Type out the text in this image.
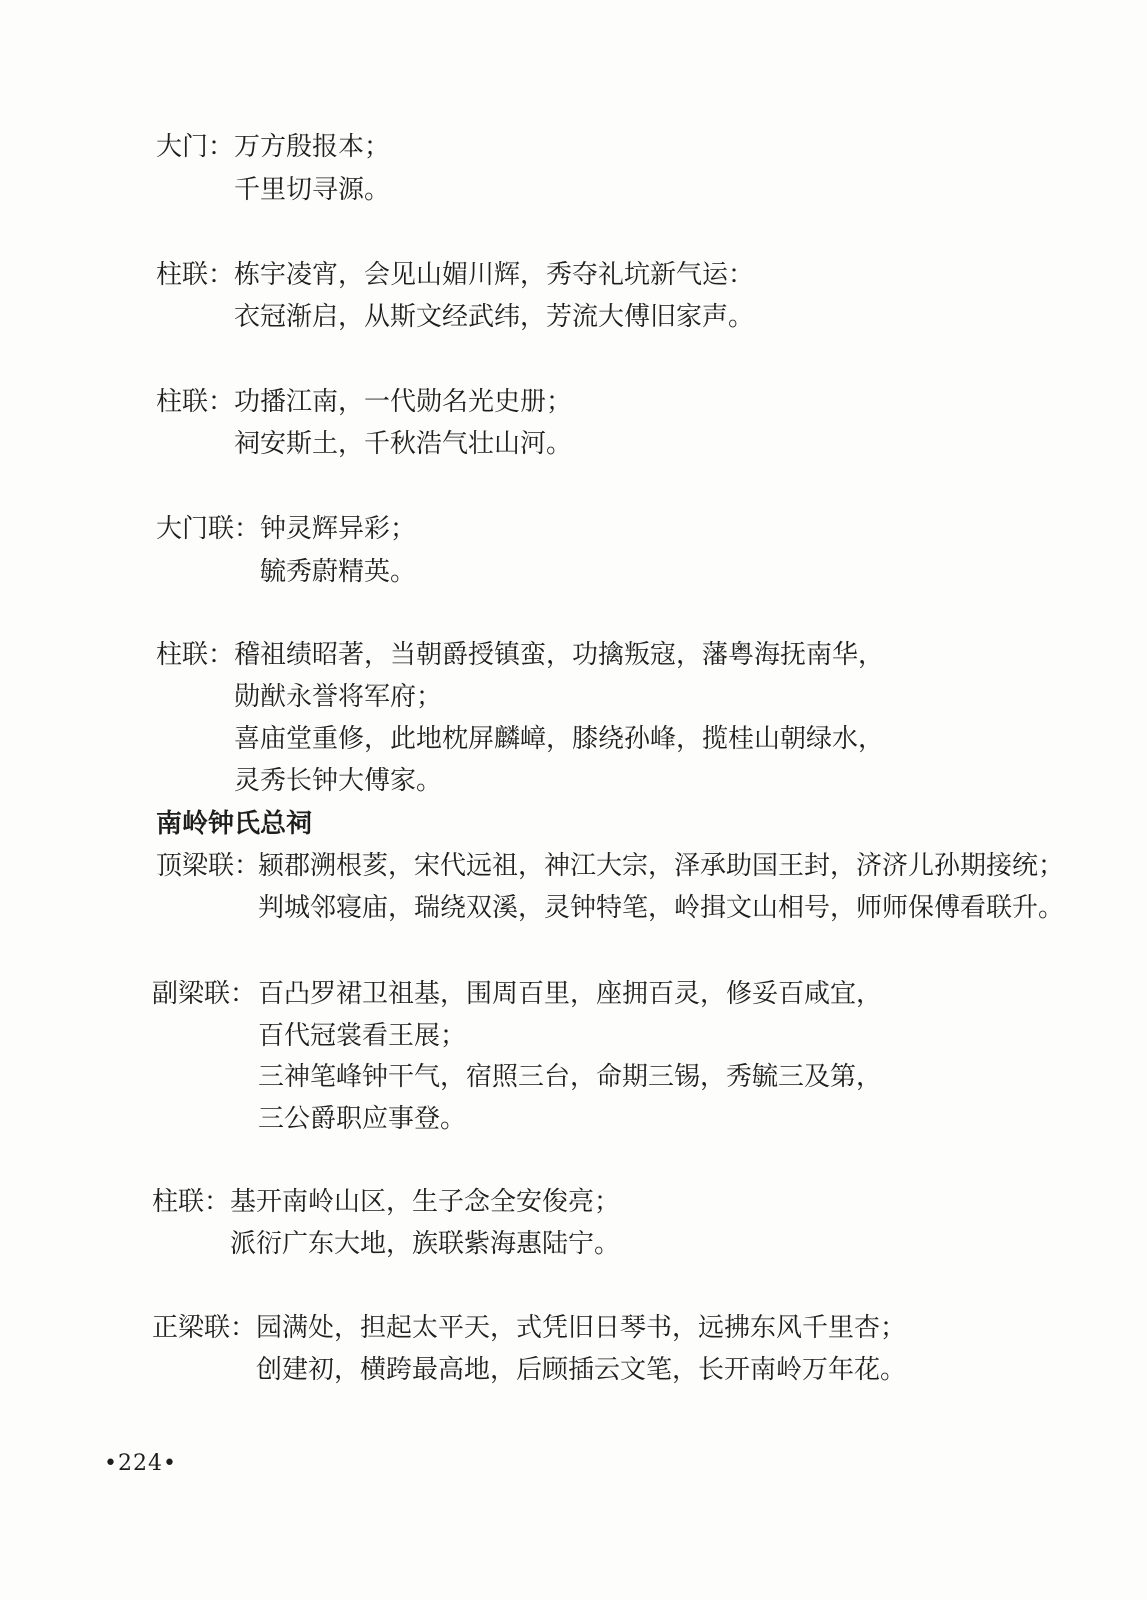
大门： 万方殷报本；
千里切寻源。
柱联： 栋宇凌宵，会见山媚川辉，秀夺礼坑新气运：
衣冠渐启，从斯文经武纬，芳流大傅旧家声。
柱联： 功播江南，一代勋名光史册；
祠安斯土，千秋浩气壮山河。
大门联： 钟灵辉异彩；
毓秀蔚精英。
柱联： 稽祖绩昭著，当朝爵授镇蛮，功擒叛寇，藩粤海抚南华，
勋猷永誉将军府；
喜庙堂重修，此地枕屏麟嶂，膝绕孙峰，揽桂山朝绿水，
灵秀长钟大傅家。
南岭钟氏总祠
顶梁联：
颍郡溯根荄，宋代远祖，神江大宗，泽承助国王封，济济儿孙期接统；
判城邻寝庙，瑞绕双溪，灵钟特笔，岭揖文山相号，师师保傅看联升。
副梁联： 百凸罗裙卫祖基，围周百里，座拥百灵，修妥百咸宜，
百代冠裳看王展；
三神笔峰钟干气，宿照三台，命期三锡，秀毓三及第，
三公爵职应事登。
柱联： 基开南岭山区，生子念全安俊亮；
派衍广东大地，族联紫海惠陆宁。
正梁联： 园满处，担起太平天，式凭旧日琴书，远拂东风千里杏；
创建初，横跨最高地，后顾插云文笔，长开南岭万年花。
•224•
